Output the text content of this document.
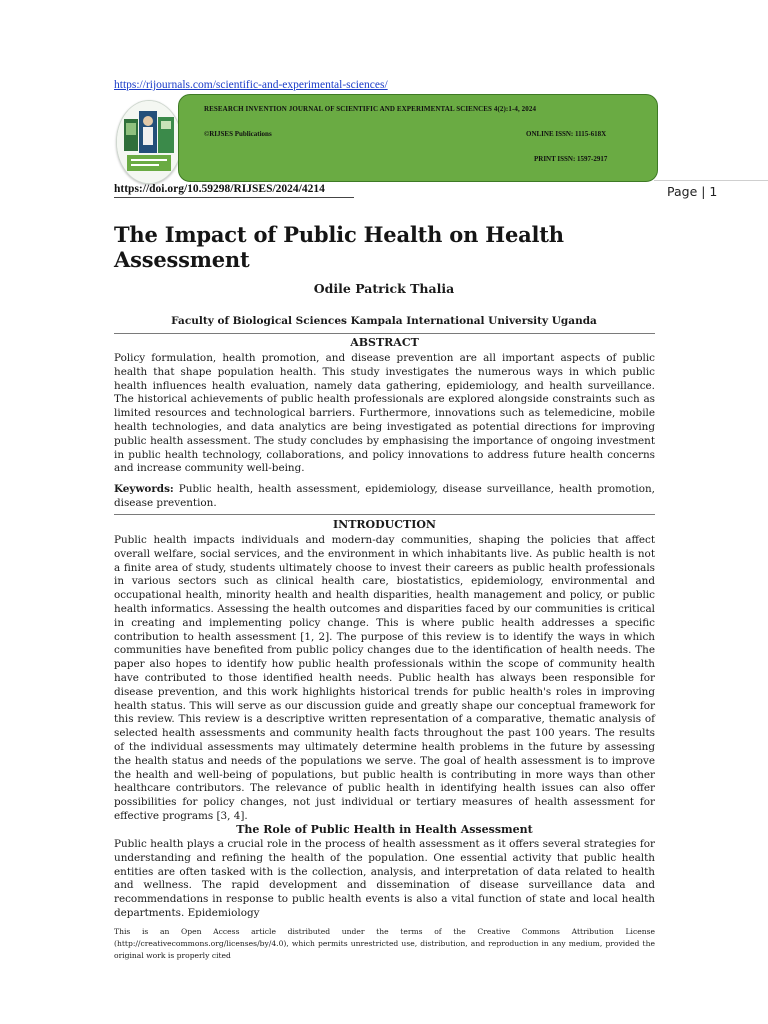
https://rijournals.com/scientific-and-experimental-sciences/
RESEARCH INVENTION JOURNAL OF SCIENTIFIC AND EXPERIMENTAL SCIENCES 4(2):1-4, 2024
©RIJSES Publications	ONLINE ISSN: 1115-618X
PRINT ISSN: 1597-2917
https://doi.org/10.59298/RIJSES/2024/4214	Page | 1
The Impact of Public Health on Health Assessment
Odile Patrick Thalia
Faculty of Biological Sciences Kampala International University Uganda
ABSTRACT

Policy formulation, health promotion, and disease prevention are all important aspects of public health that shape population health. This study investigates the numerous ways in which public health influences health evaluation, namely data gathering, epidemiology, and health surveillance. The historical achievements of public health professionals are explored alongside constraints such as limited resources and technological barriers. Furthermore, innovations such as telemedicine, mobile health technologies, and data analytics are being investigated as potential directions for improving public health assessment. The study concludes by emphasising the importance of ongoing investment in public health technology, collaborations, and policy innovations to address future health concerns and increase community well-being.

Keywords: Public health, health assessment, epidemiology, disease surveillance, health promotion, disease prevention.

INTRODUCTION

Public health impacts individuals and modern-day communities, shaping the policies that affect overall welfare, social services, and the environment in which inhabitants live. As public health is not a finite area of study, students ultimately choose to invest their careers as public health professionals in various sectors such as clinical health care, biostatistics, epidemiology, environmental and occupational health, minority health and health disparities, health management and policy, or public health informatics. Assessing the health outcomes and disparities faced by our communities is critical in creating and implementing policy change. This is where public health addresses a specific contribution to health assessment [1, 2]. The purpose of this review is to identify the ways in which communities have benefited from public policy changes due to the identification of health needs. The paper also hopes to identify how public health professionals within the scope of community health have contributed to those identified health needs. Public health has always been responsible for disease prevention, and this work highlights historical trends for public health's roles in improving health status. This will serve as our discussion guide and greatly shape our conceptual framework for this review. This review is a descriptive written representation of a comparative, thematic analysis of selected health assessments and community health facts throughout the past 100 years. The results of the individual assessments may ultimately determine health problems in the future by assessing the health status and needs of the populations we serve. The goal of health assessment is to improve the health and well-being of populations, but public health is contributing in more ways than other healthcare contributors. The relevance of public health in identifying health issues can also offer possibilities for policy changes, not just individual or tertiary measures of health assessment for effective programs [3, 4].

The Role of Public Health in Health Assessment

Public health plays a crucial role in the process of health assessment as it offers several strategies for understanding and refining the health of the population. One essential activity that public health entities are often tasked with is the collection, analysis, and interpretation of data related to health and wellness. The rapid development and dissemination of disease surveillance data and recommendations in response to public health events is also a vital function of state and local health departments. Epidemiology

This is an Open Access article distributed under the terms of the Creative Commons Attribution License (http://creativecommons.org/licenses/by/4.0), which permits unrestricted use, distribution, and reproduction in any medium, provided the original work is properly cited
